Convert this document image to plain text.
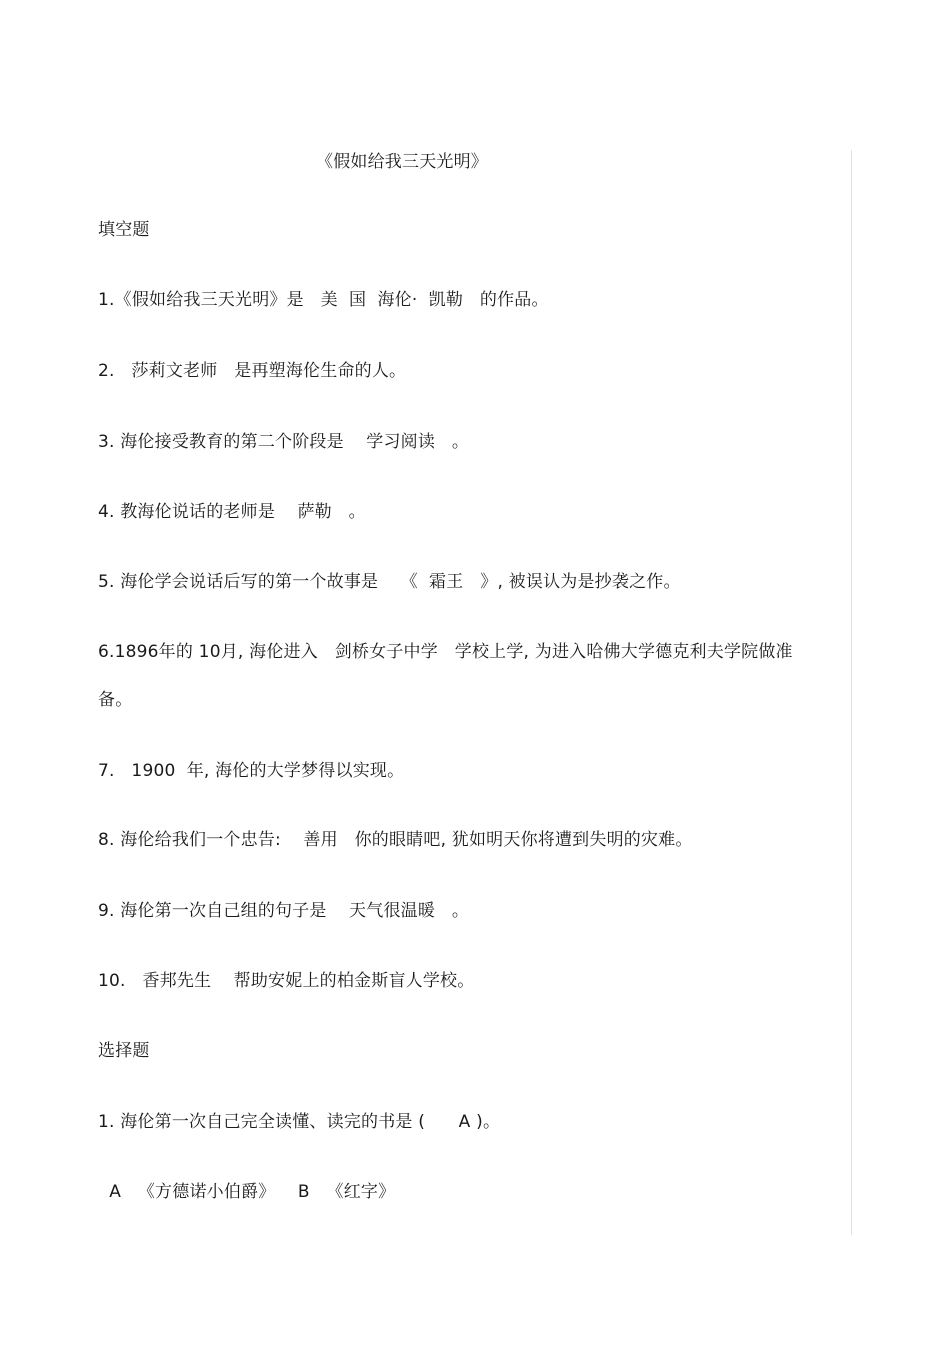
《假如给我三天光明》
填空题
1.《假如给我三天光明》是   美  国  海伦·  凯勒   的作品。
2.   莎莉文老师   是再塑海伦生命的人。
3. 海伦接受教育的第二个阶段是    学习阅读   。
4. 教海伦说话的老师是    萨勒   。
5. 海伦学会说话后写的第一个故事是    《  霜王   》, 被误认为是抄袭之作。
6.1896年的 10月, 海伦进入   剑桥女子中学   学校上学, 为进入哈佛大学德克利夫学院做准
备。
7.   1900  年, 海伦的大学梦得以实现。
8. 海伦给我们一个忠告:    善用   你的眼睛吧, 犹如明天你将遭到失明的灾难。
9. 海伦第一次自己组的句子是    天气很温暖   。
10.   香邦先生    帮助安妮上的柏金斯盲人学校。
选择题
1. 海伦第一次自己完全读懂、读完的书是 (      A )。
A   《方德诺小伯爵》    B   《红字》
